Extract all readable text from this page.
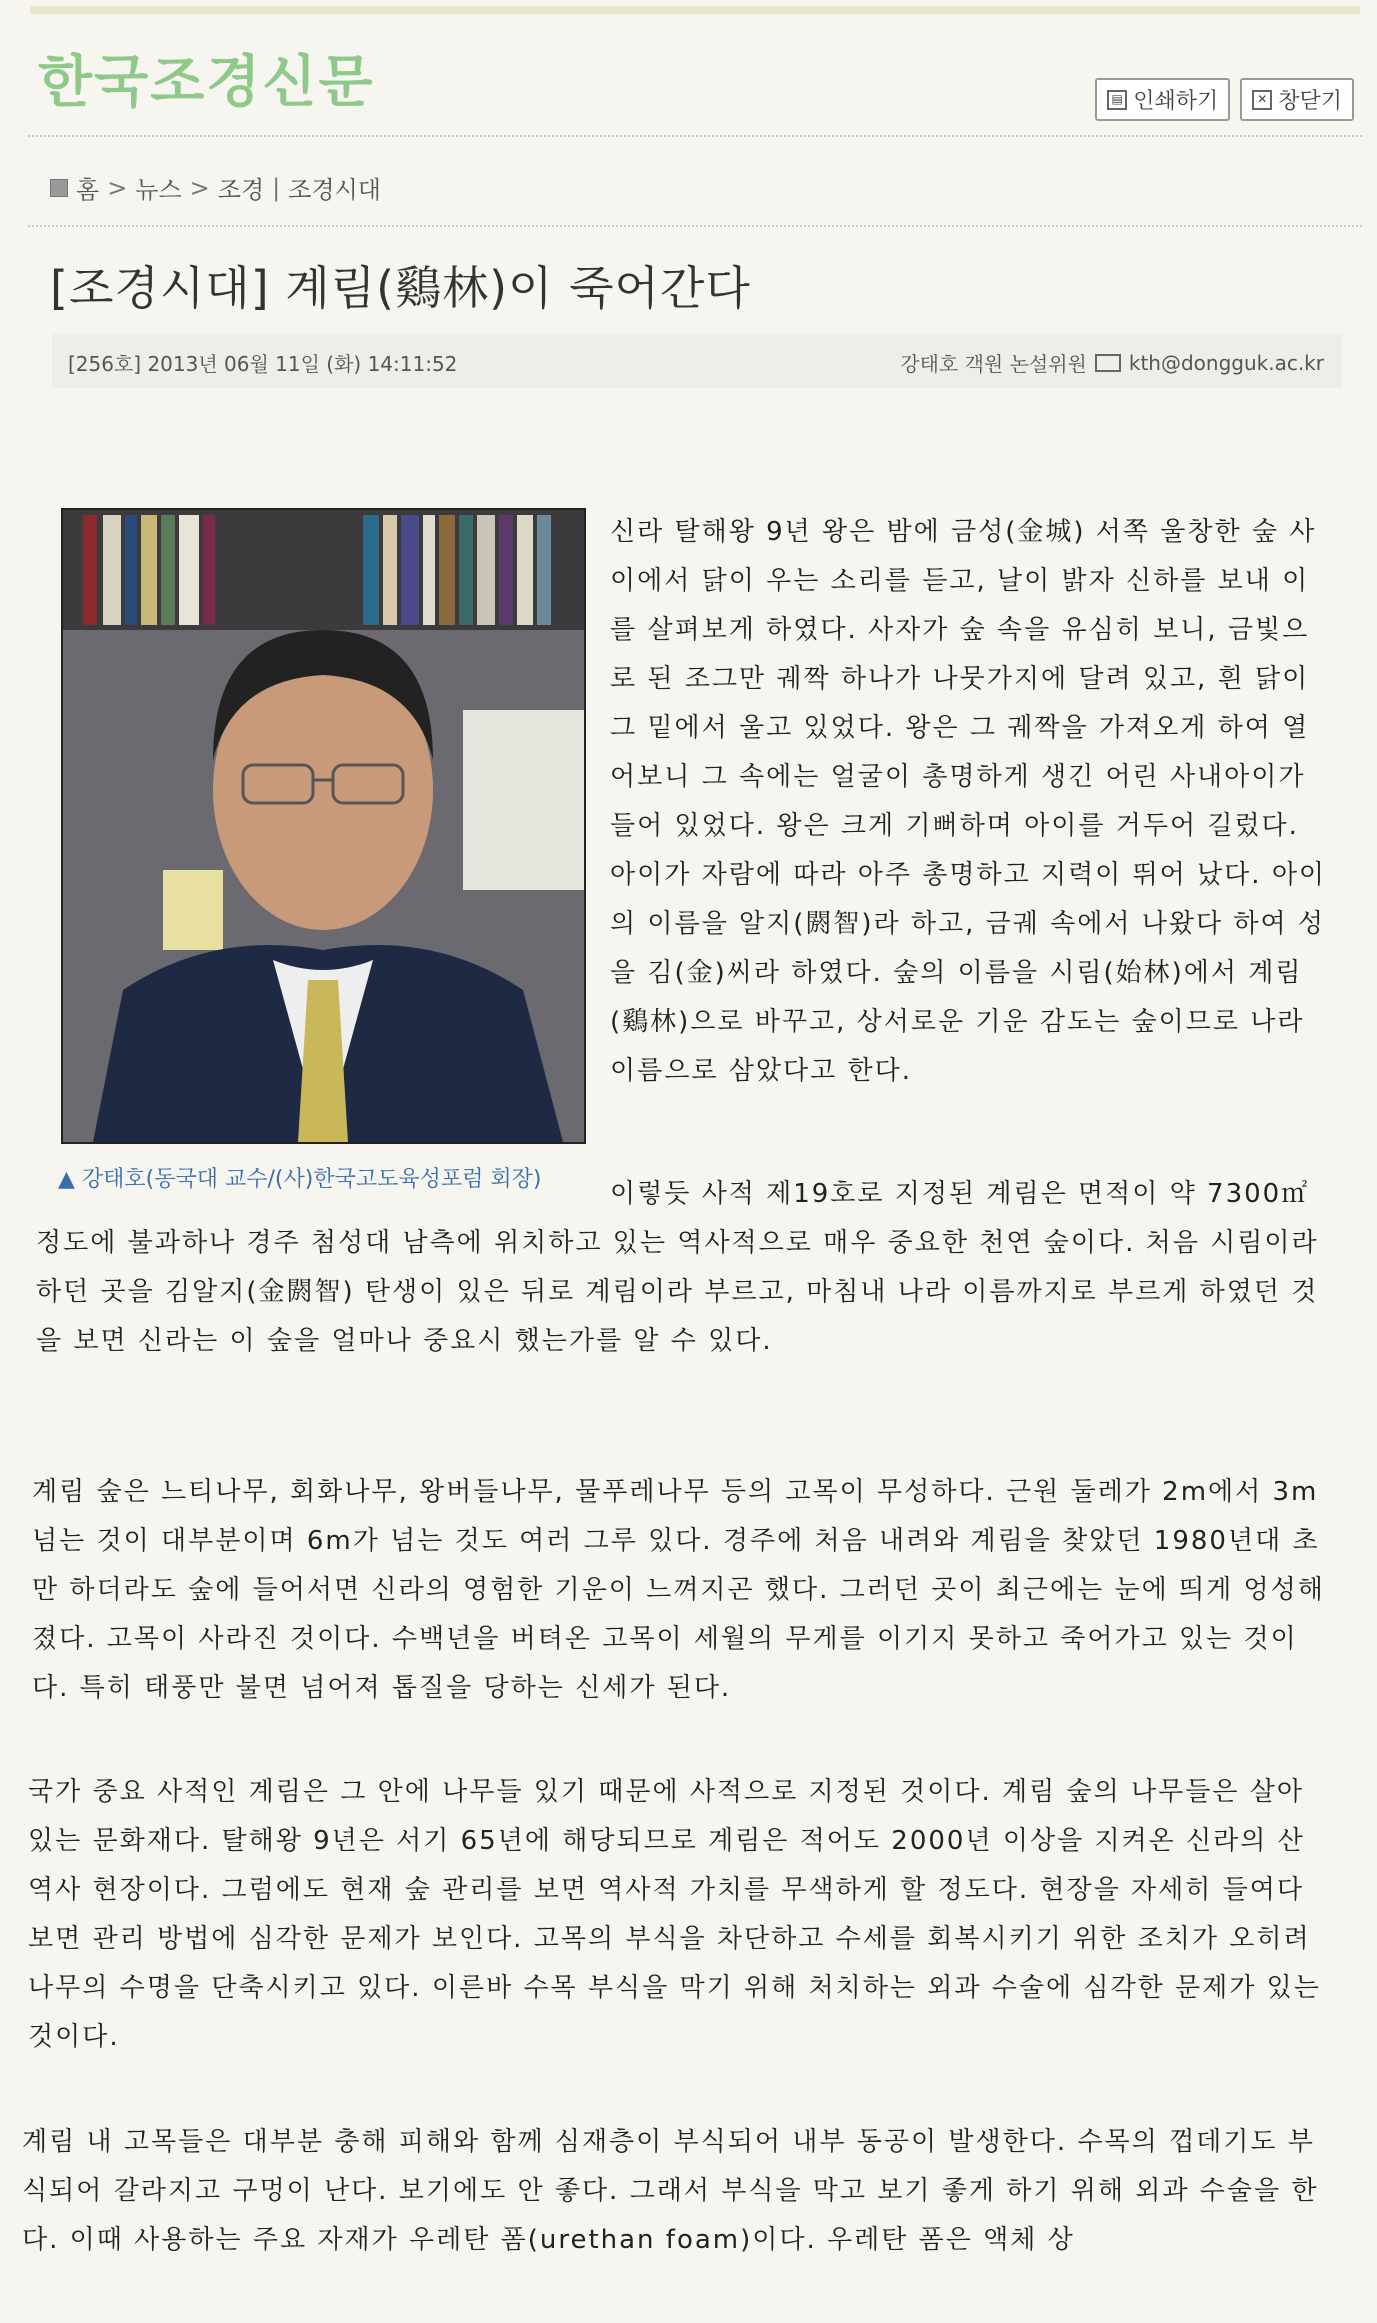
한국조경신문	▤ 인쇄하기	✕ 창닫기
홈 > 뉴스 > 조경 | 조경시대
[조경시대] 계림(鷄林)이 죽어간다
[256호] 2013년 06월 11일 (화) 14:11:52	강태호 객원 논설위원 kth@dongguk.ac.kr
▲ 강태호(동국대 교수/(사)한국고도육성포럼 회장)

신라 탈해왕 9년 왕은 밤에 금성(金城) 서쪽 울창한 숲 사이에서 닭이 우는 소리를 듣고, 날이 밝자 신하를 보내 이를 살펴보게 하였다. 사자가 숲 속을 유심히 보니, 금빛으로 된 조그만 궤짝 하나가 나뭇가지에 달려 있고, 흰 닭이 그 밑에서 울고 있었다. 왕은 그 궤짝을 가져오게 하여 열어보니 그 속에는 얼굴이 총명하게 생긴 어린 사내아이가 들어 있었다. 왕은 크게 기뻐하며 아이를 거두어 길렀다. 아이가 자람에 따라 아주 총명하고 지력이 뛰어 났다. 아이의 이름을 알지(閼智)라 하고, 금궤 속에서 나왔다 하여 성을 김(金)씨라 하였다. 숲의 이름을 시림(始林)에서 계림(鷄林)으로 바꾸고, 상서로운 기운 감도는 숲이므로 나라 이름으로 삼았다고 한다.

이렇듯 사적 제19호로 지정된 계림은 면적이 약 7300㎡ 정도에 불과하나 경주 첨성대 남측에 위치하고 있는 역사적으로 매우 중요한 천연 숲이다. 처음 시림이라 하던 곳을 김알지(金閼智) 탄생이 있은 뒤로 계림이라 부르고, 마침내 나라 이름까지로 부르게 하였던 것을 보면 신라는 이 숲을 얼마나 중요시 했는가를 알 수 있다.

계림 숲은 느티나무, 회화나무, 왕버들나무, 물푸레나무 등의 고목이 무성하다. 근원 둘레가 2m에서 3m 넘는 것이 대부분이며 6m가 넘는 것도 여러 그루 있다. 경주에 처음 내려와 계림을 찾았던 1980년대 초만 하더라도 숲에 들어서면 신라의 영험한 기운이 느껴지곤 했다. 그러던 곳이 최근에는 눈에 띄게 엉성해 졌다. 고목이 사라진 것이다. 수백년을 버텨온 고목이 세월의 무게를 이기지 못하고 죽어가고 있는 것이다. 특히 태풍만 불면 넘어져 톱질을 당하는 신세가 된다.

국가 중요 사적인 계림은 그 안에 나무들 있기 때문에 사적으로 지정된 것이다. 계림 숲의 나무들은 살아 있는 문화재다. 탈해왕 9년은 서기 65년에 해당되므로 계림은 적어도 2000년 이상을 지켜온 신라의 산 역사 현장이다. 그럼에도 현재 숲 관리를 보면 역사적 가치를 무색하게 할 정도다. 현장을 자세히 들여다보면 관리 방법에 심각한 문제가 보인다. 고목의 부식을 차단하고 수세를 회복시키기 위한 조치가 오히려 나무의 수명을 단축시키고 있다. 이른바 수목 부식을 막기 위해 처치하는 외과 수술에 심각한 문제가 있는 것이다.

계림 내 고목들은 대부분 충해 피해와 함께 심재층이 부식되어 내부 동공이 발생한다. 수목의 껍데기도 부식되어 갈라지고 구멍이 난다. 보기에도 안 좋다. 그래서 부식을 막고 보기 좋게 하기 위해 외과 수술을 한다. 이때 사용하는 주요 자재가 우레탄 폼(urethan foam)이다. 우레탄 폼은 액체 상
